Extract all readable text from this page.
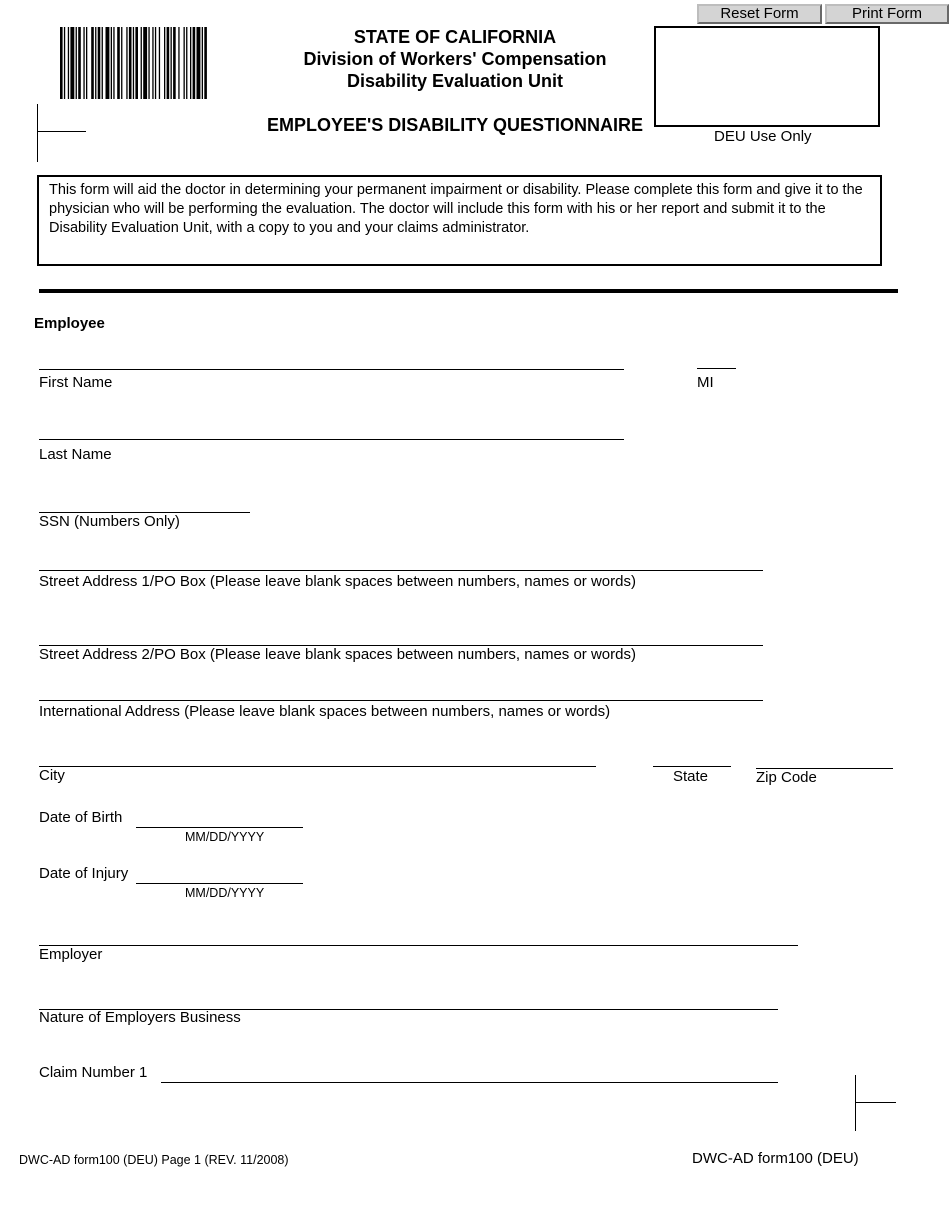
Reset Form	Print Form
STATE OF CALIFORNIA
Division of Workers' Compensation
Disability Evaluation Unit
EMPLOYEE'S DISABILITY QUESTIONNAIRE
DEU Use Only
This form will aid the doctor in determining your permanent impairment or disability. Please complete this form and give it to the physician who will be performing the evaluation. The doctor will include this form with his or her report and submit it to the Disability Evaluation Unit, with a copy to you and your claims administrator.
Employee
First Name	MI
Last Name
SSN (Numbers Only)
Street Address 1/PO Box (Please leave blank spaces between numbers, names or words)
Street Address 2/PO Box (Please leave blank spaces between numbers, names or words)
International Address (Please leave blank spaces between numbers, names or words)
City	State	Zip Code
Date of Birth
MM/DD/YYYY
Date of Injury
MM/DD/YYYY
Employer
Nature of Employers Business
Claim Number 1
DWC-AD form100 (DEU) Page 1 (REV. 11/2008)	DWC-AD form100 (DEU)
